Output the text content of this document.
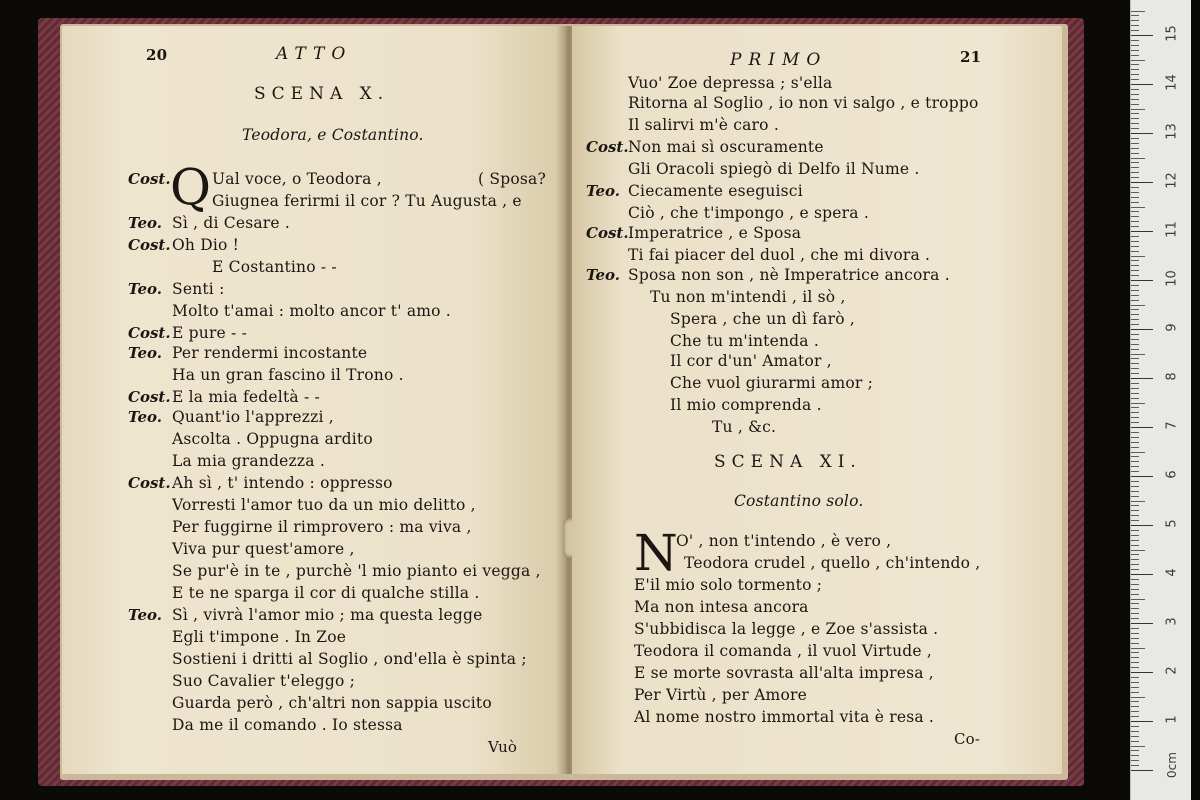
20	ATTO
SCENA X.
Teodora, e Costantino.
Cost. Q Ual voce, o Teodora ,	( Sposa?
Giugnea ferirmi il cor ? Tu Augusta , e
Teo. Sì , di Cesare .
Cost. Oh Dio !
E Costantino - -
Teo. Senti :
Molto t'amai : molto ancor t' amo .
Cost. E pure - -
Teo. Per rendermi incostante
Ha un gran fascino il Trono .
Cost. E la mia fedeltà - -
Teo. Quant'io l'apprezzi ,
Ascolta . Oppugna ardito
La mia grandezza .
Cost. Ah sì , t' intendo : oppresso
Vorresti l'amor tuo da un mio delitto ,
Per fuggirne il rimprovero : ma viva ,
Viva pur quest'amore ,
Se pur'è in te , purchè 'l mio pianto ei vegga ,
E te ne sparga il cor di qualche stilla .
Teo. Sì , vivrà l'amor mio ; ma questa legge
Egli t'impone . In Zoe
Sostieni i dritti al Soglio , ond'ella è spinta ;
Suo Cavalier t'eleggo ;
Guarda però , ch'altri non sappia uscito
Da me il comando . Io stessa
Vuò
PRIMO	21
Vuo' Zoe depressa ; s'ella
Ritorna al Soglio , io non vi salgo , e troppo
Il salirvi m'è caro .
Cost. Non mai sì oscuramente
Gli Oracoli spiegò di Delfo il Nume .
Teo. Ciecamente eseguisci
Ciò , che t'impongo , e spera .
Cost. Imperatrice , e Sposa
Ti fai piacer del duol , che mi divora .
Teo. Sposa non son , nè Imperatrice ancora .
Tu non m'intendi , il sò ,
Spera , che un dì farò ,
Che tu m'intenda .
Il cor d'un' Amator ,
Che vuol giurarmi amor ;
Il mio comprenda .
Tu , &c.
SCENA XI.
Costantino solo.
N
O' , non t'intendo , è vero ,
Teodora crudel , quello , ch'intendo ,
E'il mio solo tormento ;
Ma non intesa ancora
S'ubbidisca la legge , e Zoe s'assista .
Teodora il comanda , il vuol Virtude ,
E se morte sovrasta all'alta impresa ,
Per Virtù , per Amore
Al nome nostro immortal vita è resa .
Co-
0cm
1
2
3
4
5
6
7
8
9
10
11
12
13
14
15
